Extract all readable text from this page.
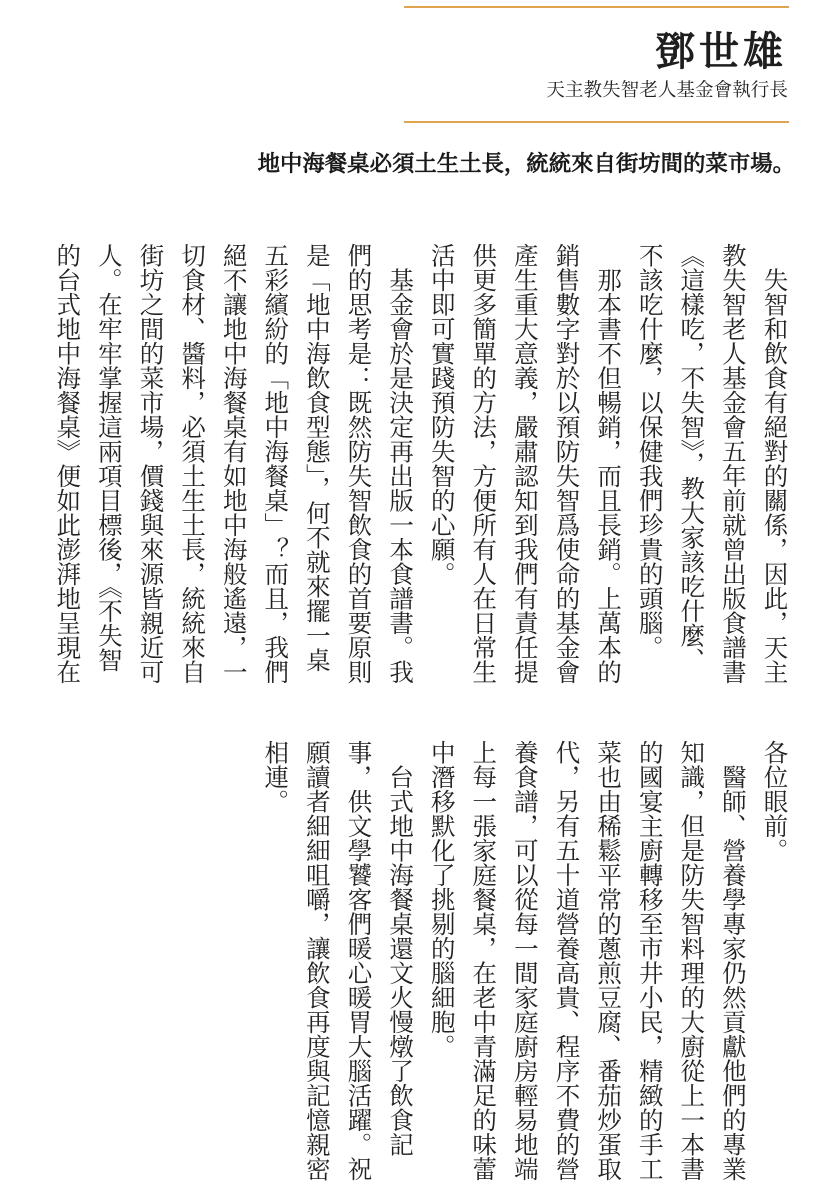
鄧世雄
天主教失智老人基金會執行長
地中海餐桌必須土生土長，統統來自街坊間的菜市場。
　失智和飲食有絕對的關係，因此，天主
教失智老人基金會五年前就曾出版食譜書
《這樣吃，不失智》，教大家該吃什麼、
不該吃什麼，以保健我們珍貴的頭腦。
　那本書不但暢銷，而且長銷。上萬本的
銷售數字對於以預防失智爲使命的基金會
產生重大意義，嚴肅認知到我們有責任提
供更多簡單的方法，方便所有人在日常生
活中即可實踐預防失智的心願。
　基金會於是決定再出版一本食譜書。我
們的思考是：既然防失智飲食的首要原則
是「地中海飲食型態」，何不就來擺一桌
五彩繽紛的「地中海餐桌」？而且，我們
絕不讓地中海餐桌有如地中海般遙遠，一
切食材、醬料，必須土生土長，統統來自
街坊之間的菜市場，價錢與來源皆親近可
人。在牢牢掌握這兩項目標後，《不失智
的台式地中海餐桌》便如此澎湃地呈現在
各位眼前。
　醫師、營養學專家仍然貢獻他們的專業
知識，但是防失智料理的大廚從上一本書
的國宴主廚轉移至市井小民，精緻的手工
菜也由稀鬆平常的蔥煎豆腐、番茄炒蛋取
代，另有五十道營養高貴、程序不費的營
養食譜，可以從每一間家庭廚房輕易地端
上每一張家庭餐桌，在老中青滿足的味蕾
中潛移默化了挑剔的腦細胞。
　台式地中海餐桌還文火慢燉了飲食記
事，供文學饕客們暖心暖胃大腦活躍。祝
願讀者細細咀嚼，讓飲食再度與記憶親密
相連。
